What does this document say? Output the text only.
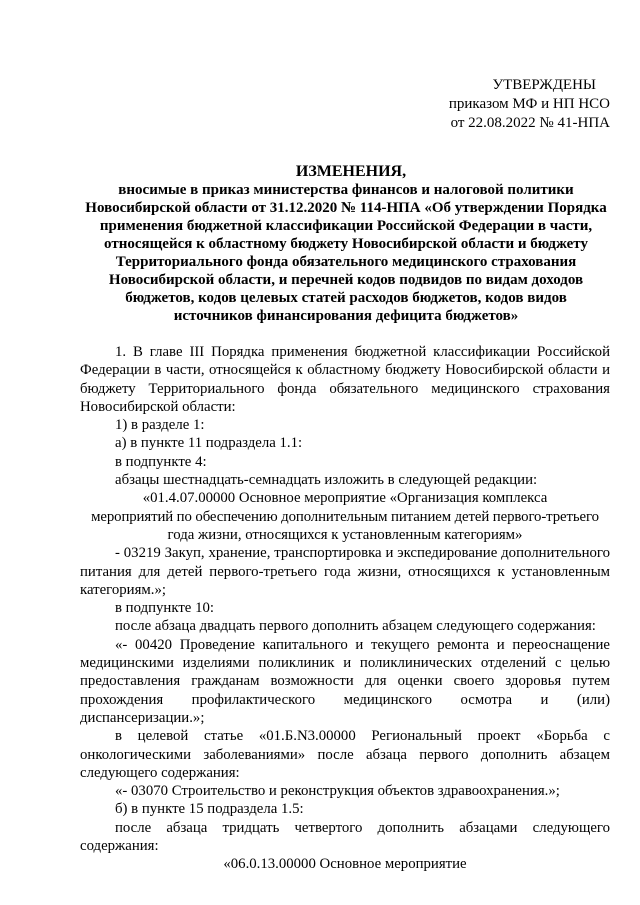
УТВЕРЖДЕНЫ
приказом МФ и НП НСО
от 22.08.2022 № 41-НПА
ИЗМЕНЕНИЯ,
вносимые в приказ министерства финансов и налоговой политики
Новосибирской области от 31.12.2020 № 114-НПА «Об утверждении Порядка
применения бюджетной классификации Российской Федерации в части,
относящейся к областному бюджету Новосибирской области и бюджету
Территориального фонда обязательного медицинского страхования
Новосибирской области, и перечней кодов подвидов по видам доходов
бюджетов, кодов целевых статей расходов бюджетов, кодов видов
источников финансирования дефицита бюджетов»

1. В главе III Порядка применения бюджетной классификации Российской Федерации в части, относящейся к областному бюджету Новосибирской области и бюджету Территориального фонда обязательного медицинского страхования Новосибирской области:

1) в разделе 1:

а) в пункте 11 подраздела 1.1:

в подпункте 4:

абзацы шестнадцать-семнадцать изложить в следующей редакции:

«01.4.07.00000 Основное мероприятие «Организация комплекса

мероприятий по обеспечению дополнительным питанием детей первого-третьего

года жизни, относящихся к установленным категориям»

- 03219 Закуп, хранение, транспортировка и экспедирование дополнительного питания для детей первого-третьего года жизни, относящихся к установленным категориям.»;

в подпункте 10:

после абзаца двадцать первого дополнить абзацем следующего содержания:

«- 00420 Проведение капитального и текущего ремонта и переоснащение медицинскими изделиями поликлиник и поликлинических отделений с целью предоставления гражданам возможности для оценки своего здоровья путем прохождения профилактического медицинского осмотра и (или) диспансеризации.»;

в целевой статье «01.Б.N3.00000 Региональный проект «Борьба с онкологическими заболеваниями» после абзаца первого дополнить абзацем следующего содержания:

«- 03070 Строительство и реконструкция объектов здравоохранения.»;

б) в пункте 15 подраздела 1.5:

после абзаца тридцать четвертого дополнить абзацами следующего содержания:

«06.0.13.00000 Основное мероприятие
